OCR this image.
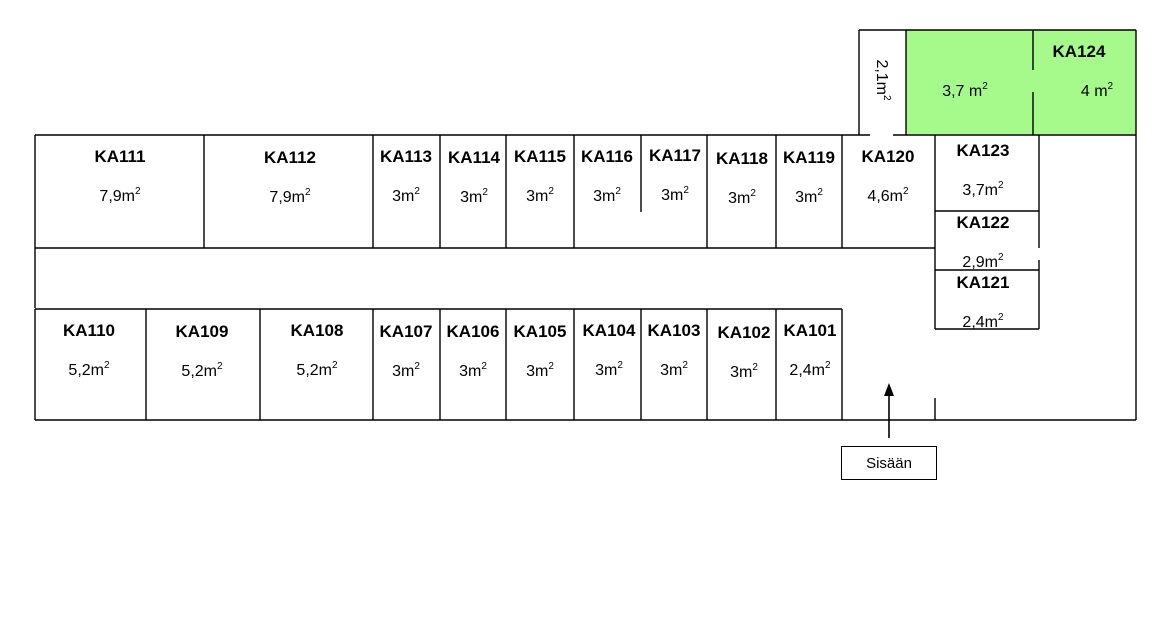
KA111
$7,9m^2$
KA112
$7,9m^2$
KA113
$3m^2$
KA114
$3m^2$
KA115
$3m^2$
KA116
$3m^2$
KA117
$3m^2$
KA118
$3m^2$
KA119
$3m^2$
KA120
$4,6m^2$
KA110
$5,2m^2$
KA109
$5,2m^2$
KA108
$5,2m^2$
KA107
$3m^2$
KA106
$3m^2$
KA105
$3m^2$
KA104
$3m^2$
KA103
$3m^2$
KA102
$3m^2$
KA101
$2,4m^2$
KA123
$3,7m^2$
KA122
$2,9m^2$
KA121
$2,4m^2$
3,7 $m^2$
KA124
4 $m^2$
$2,1m^2$
Sisään
